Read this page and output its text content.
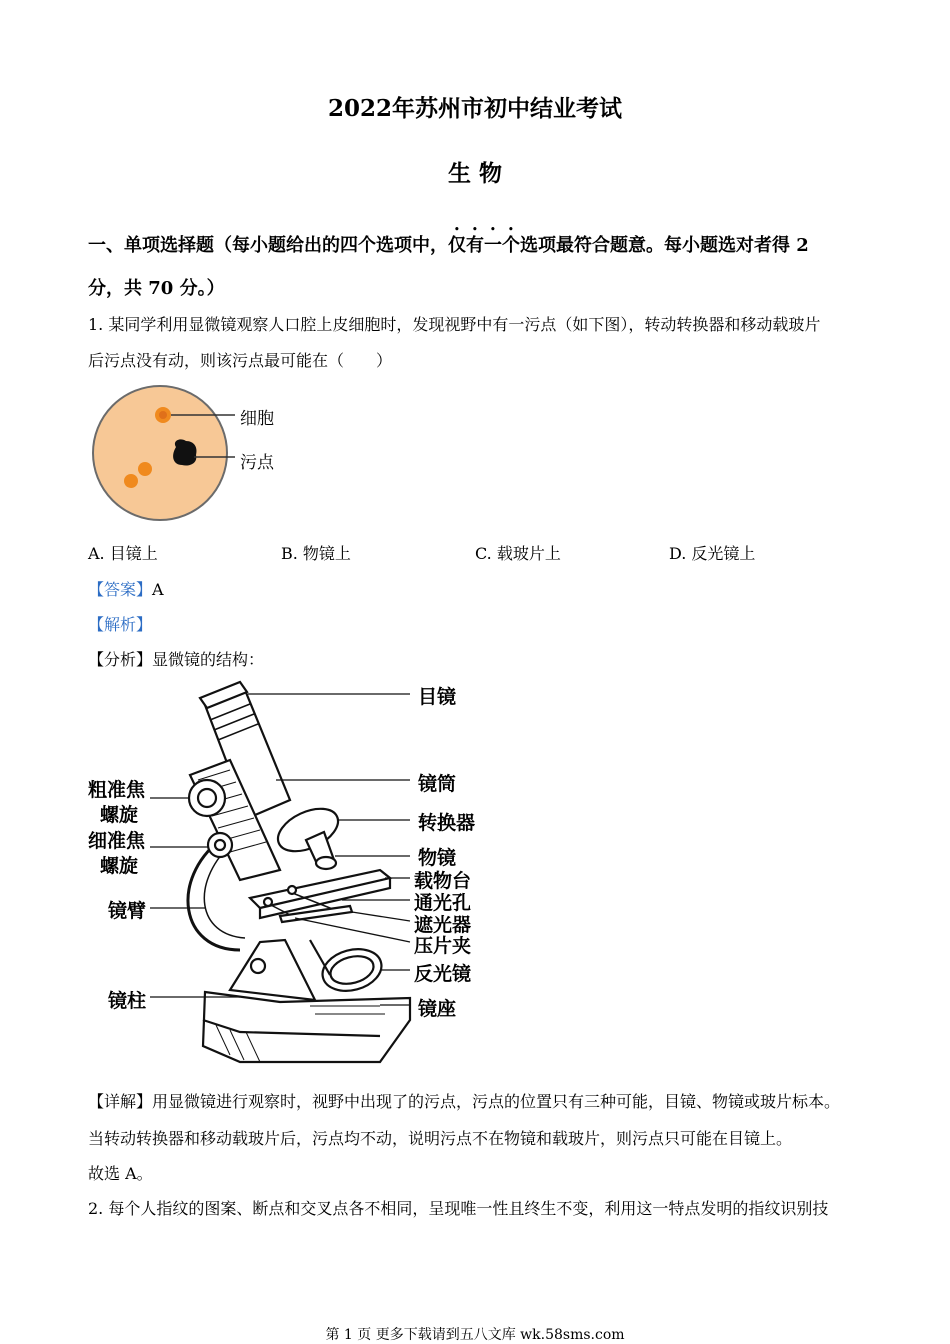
2022年苏州市初中结业考试
生 物
一、单项选择题（每小题给出的四个选项中，仅有一个选项最符合题意。每小题选对者得 2
分，共 70 分。）
1. 某同学利用显微镜观察人口腔上皮细胞时，发现视野中有一污点（如下图），转动转换器和移动载玻片
后污点没有动，则该污点最可能在（　　）
细胞
污点
A. 目镜上	B. 物镜上	C. 载玻片上	D. 反光镜上
【答案】A
【解析】
【分析】显微镜的结构：
目镜
镜筒
转换器
物镜
载物台
通光孔
遮光器
压片夹
反光镜
镜座
粗准焦
螺旋
细准焦
螺旋
镜臂
镜柱
【详解】用显微镜进行观察时，视野中出现了的污点，污点的位置只有三种可能，目镜、物镜或玻片标本。
当转动转换器和移动载玻片后，污点均不动，说明污点不在物镜和载玻片，则污点只可能在目镜上。
故选 A。
2. 每个人指纹的图案、断点和交叉点各不相同，呈现唯一性且终生不变，利用这一特点发明的指纹识别技
第 1 页 更多下载请到五八文库 wk.58sms.com
